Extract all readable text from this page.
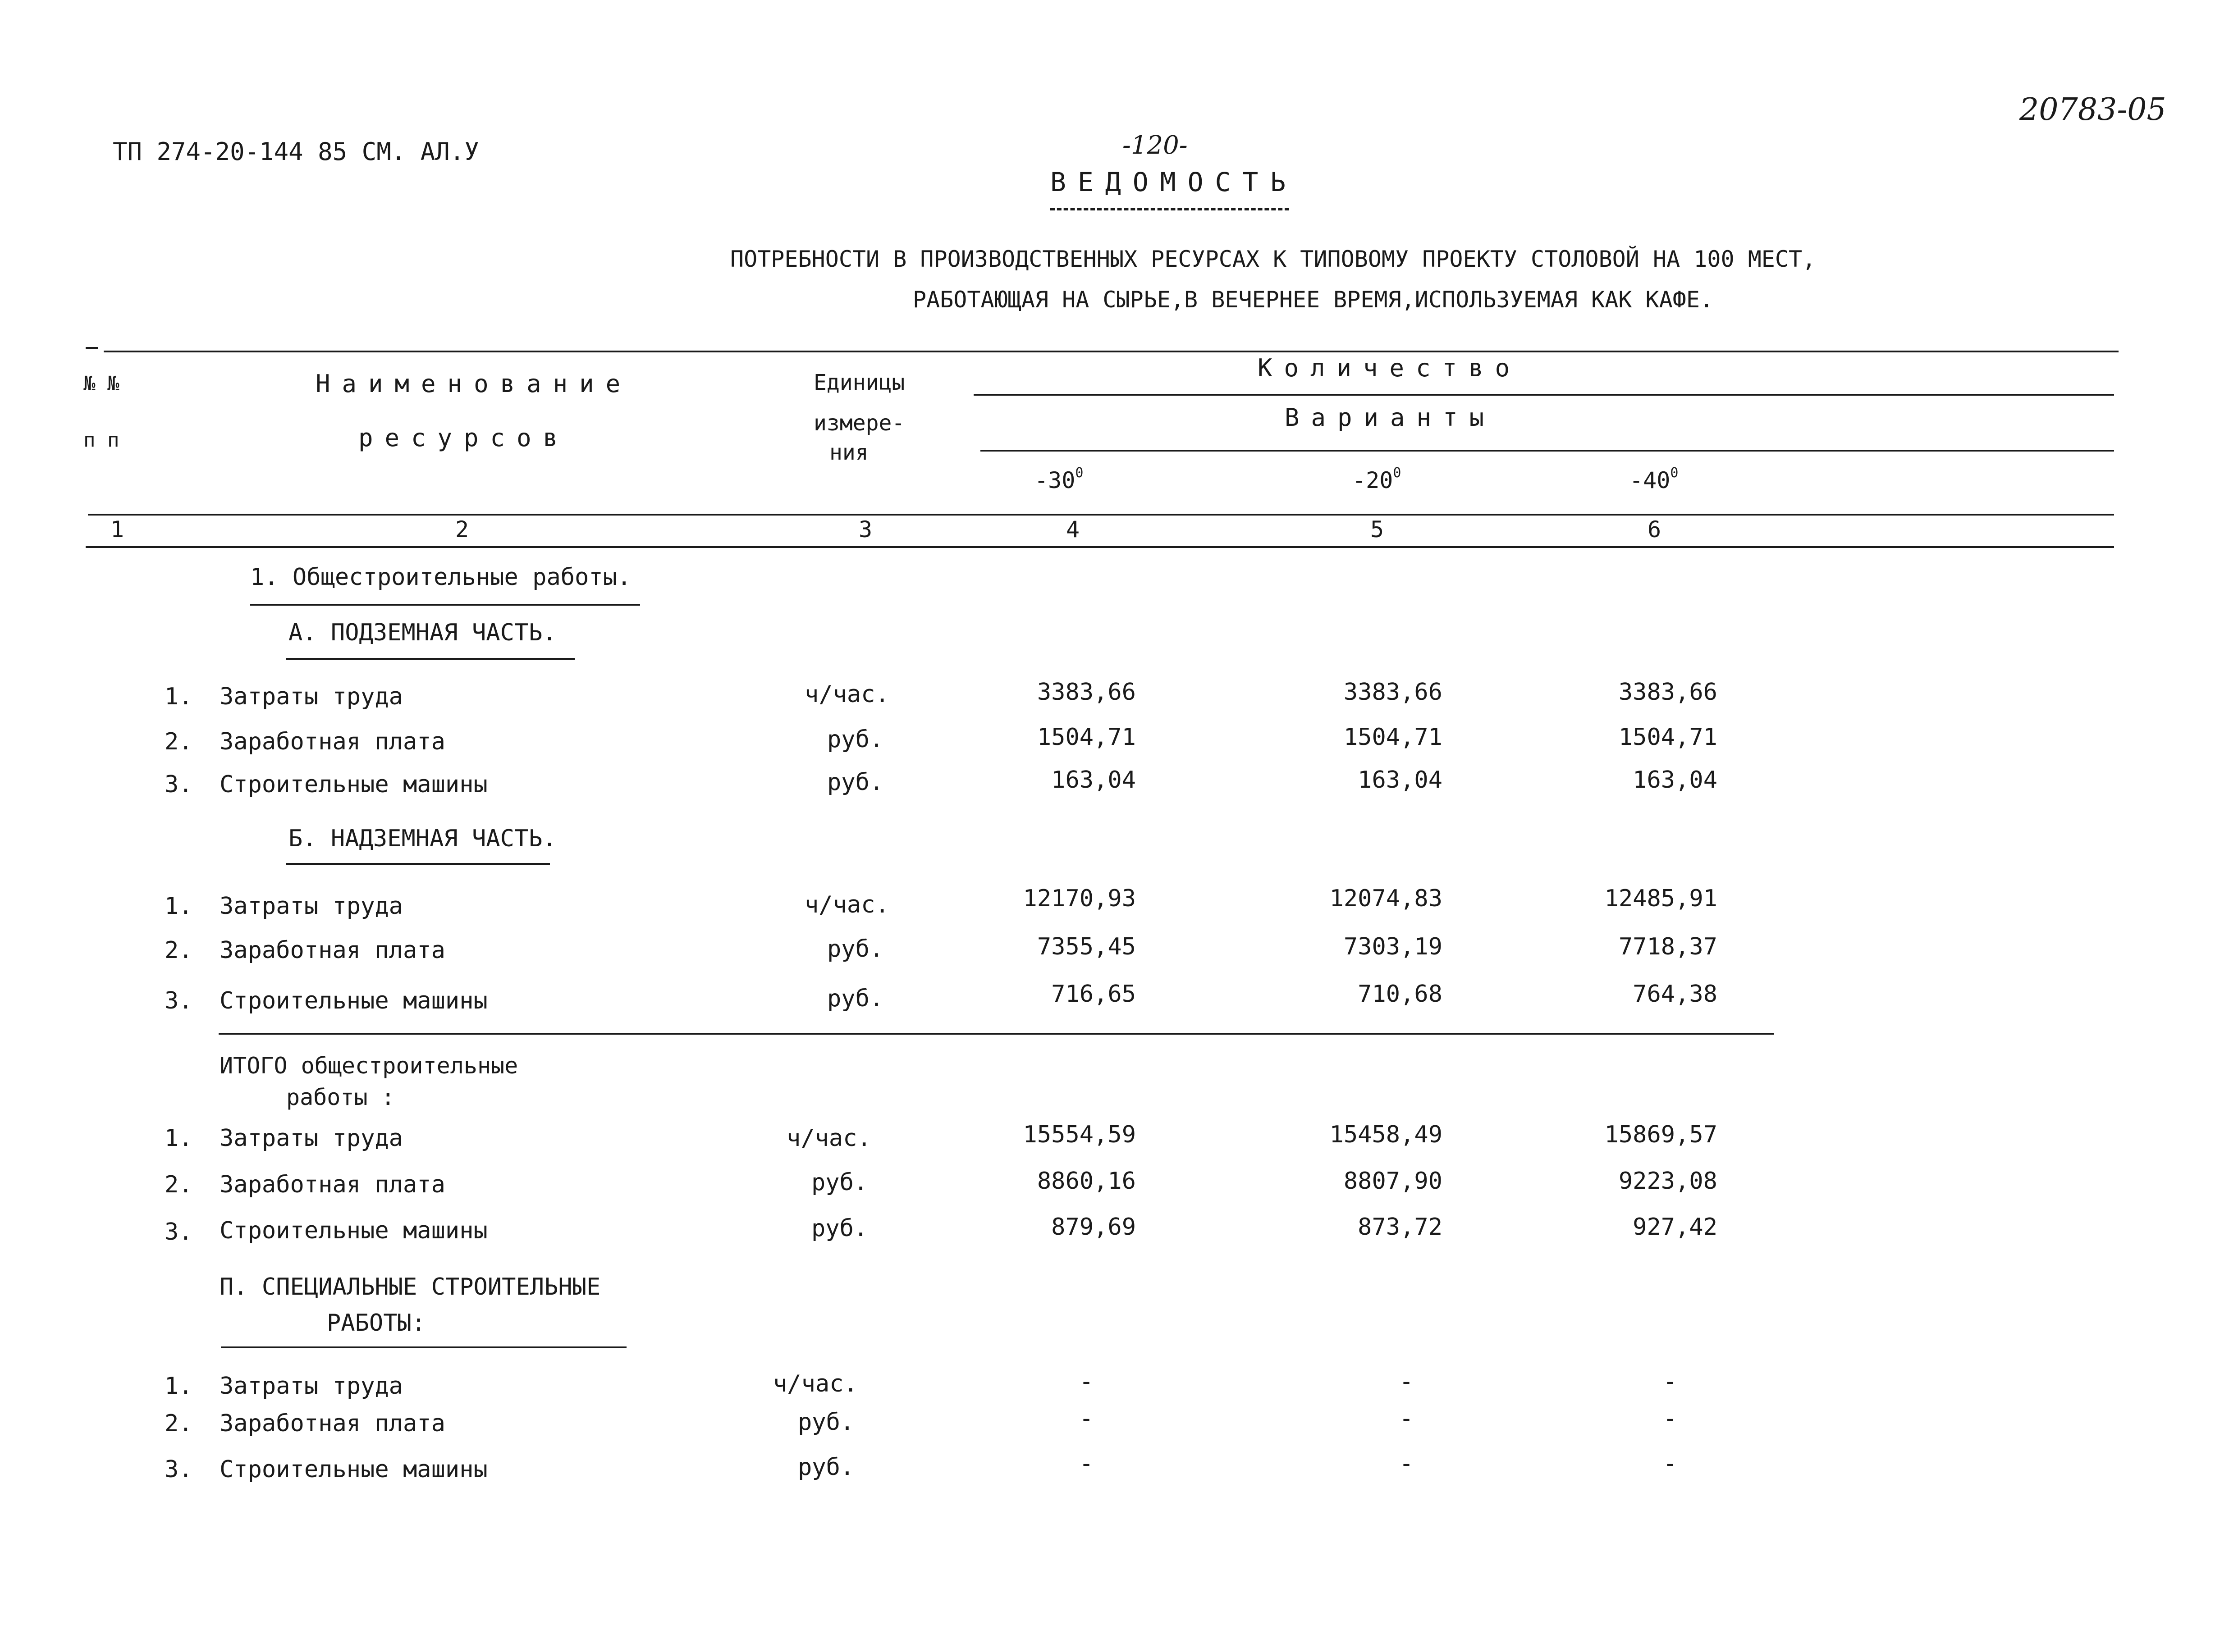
ТП 274-20-144 85 СМ. АЛ.У	-120-
20783-05
ВЕДОМОСТЬ
ПОТРЕБНОСТИ В ПРОИЗВОДСТВЕННЫХ РЕСУРСАХ К ТИПОВОМУ ПРОЕКТУ СТОЛОВОЙ НА 100 МЕСТ,
РАБОТАЮЩАЯ НА СЫРЬЕ,В ВЕЧЕРНЕЕ ВРЕМЯ,ИСПОЛЬЗУЕМАЯ КАК КАФЕ.
№ №
п п
Наименование
ресурсов
Единицы
измере-
ния
Количество
Варианты
$-30^0$	$-20^0$	$-40^0$
1	2	3	4	5	6
1. Общестроительные работы.
А. ПОДЗЕМНАЯ ЧАСТЬ.
1. Затраты труда	ч/час.	3383,66	3383,66	3383,66
2. Заработная плата	руб.	1504,71	1504,71	1504,71
3. Строительные машины	руб.	163,04	163,04	163,04
Б. НАДЗЕМНАЯ ЧАСТЬ.
1. Затраты труда	ч/час.	12170,93	12074,83	12485,91
2. Заработная плата	руб.	7355,45	7303,19	7718,37
3. Строительные машины	руб.	716,65	710,68	764,38
ИТОГО общестроительные
работы :
1. Затраты труда	ч/час.	15554,59	15458,49	15869,57
2. Заработная плата	руб.	8860,16	8807,90	9223,08
3. Строительные машины	руб.	879,69	873,72	927,42
П. СПЕЦИАЛЬНЫЕ СТРОИТЕЛЬНЫЕ
РАБОТЫ:
1. Затраты труда	ч/час.	-	-	-
2. Заработная плата	руб.	-	-	-
3. Строительные машины	руб.	-	-	-
